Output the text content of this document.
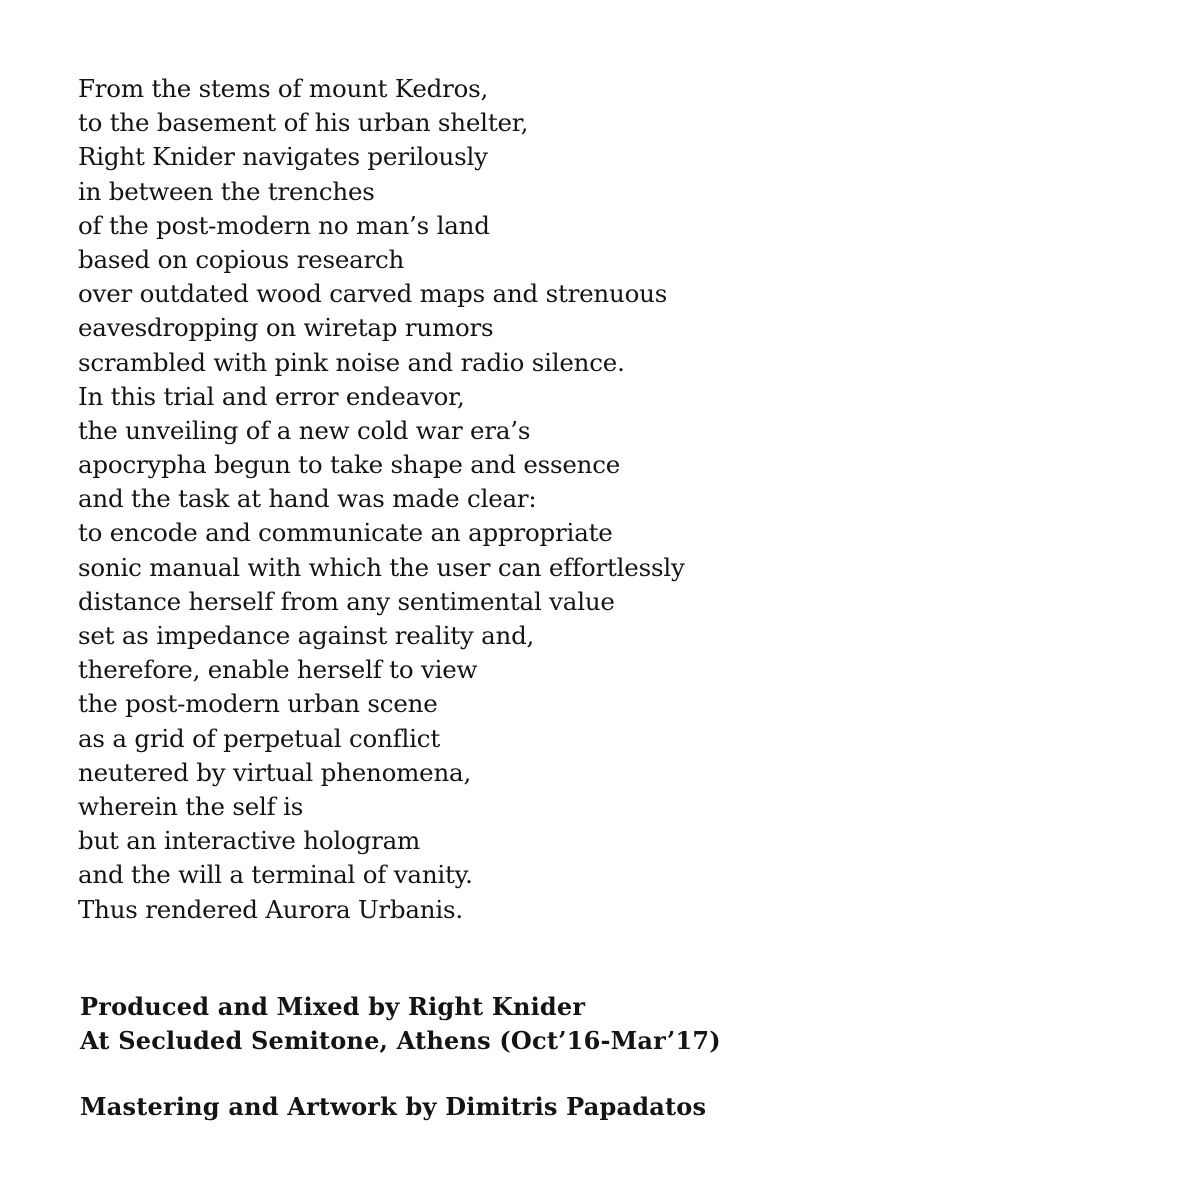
From the stems of mount Kedros,
to the basement of his urban shelter,
Right Knider navigates perilously
in between the trenches
of the post-modern no man’s land
based on copious research
over outdated wood carved maps and strenuous
eavesdropping on wiretap rumors
scrambled with pink noise and radio silence.
In this trial and error endeavor,
the unveiling of a new cold war era’s
apocrypha begun to take shape and essence
and the task at hand was made clear:
to encode and communicate an appropriate
sonic manual with which the user can effortlessly
distance herself from any sentimental value
set as impedance against reality and,
therefore, enable herself to view
the post-modern urban scene
as a grid of perpetual conflict
neutered by virtual phenomena,
wherein the self is
but an interactive hologram
and the will a terminal of vanity.
Thus rendered Aurora Urbanis.
Produced and Mixed by Right Knider
At Secluded Semitone, Athens (Oct’16-Mar’17)
Mastering and Artwork by Dimitris Papadatos
